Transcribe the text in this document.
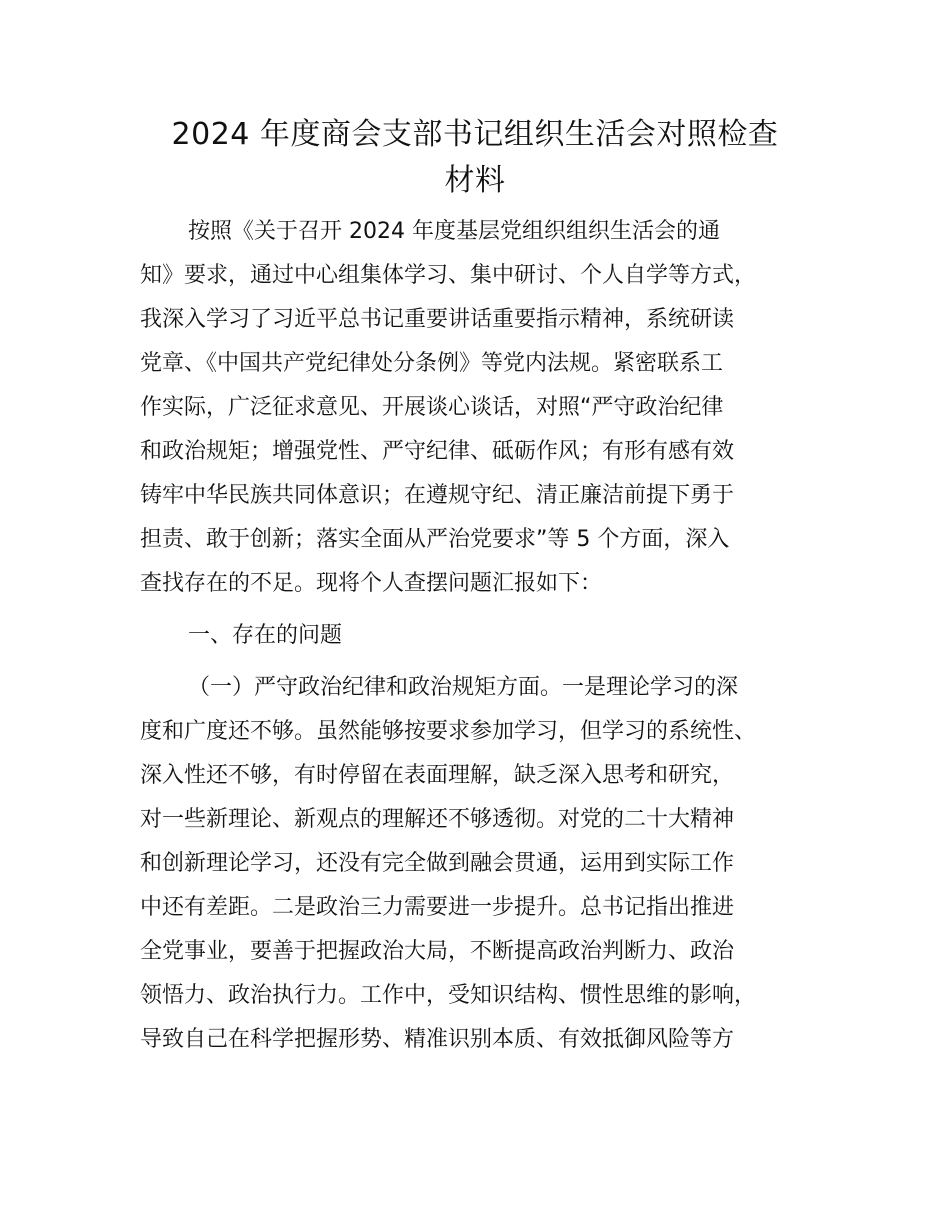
2024 年度商会支部书记组织生活会对照检查
材料
按照《关于召开 2024 年度基层党组织组织生活会的通
知》要求，通过中心组集体学习、集中研讨、个人自学等方式，
我深入学习了习近平总书记重要讲话重要指示精神，系统研读
党章、《中国共产党纪律处分条例》等党内法规。紧密联系工
作实际，广泛征求意见、开展谈心谈话，对照“严守政治纪律
和政治规矩；增强党性、严守纪律、砥砺作风；有形有感有效
铸牢中华民族共同体意识；在遵规守纪、清正廉洁前提下勇于
担责、敢于创新；落实全面从严治党要求”等 5 个方面，深入
查找存在的不足。现将个人查摆问题汇报如下：
一、存在的问题
（一）严守政治纪律和政治规矩方面。一是理论学习的深
度和广度还不够。虽然能够按要求参加学习，但学习的系统性、
深入性还不够，有时停留在表面理解，缺乏深入思考和研究，
对一些新理论、新观点的理解还不够透彻。对党的二十大精神
和创新理论学习，还没有完全做到融会贯通，运用到实际工作
中还有差距。二是政治三力需要进一步提升。总书记指出推进
全党事业，要善于把握政治大局，不断提高政治判断力、政治
领悟力、政治执行力。工作中，受知识结构、惯性思维的影响，
导致自己在科学把握形势、精准识别本质、有效抵御风险等方
